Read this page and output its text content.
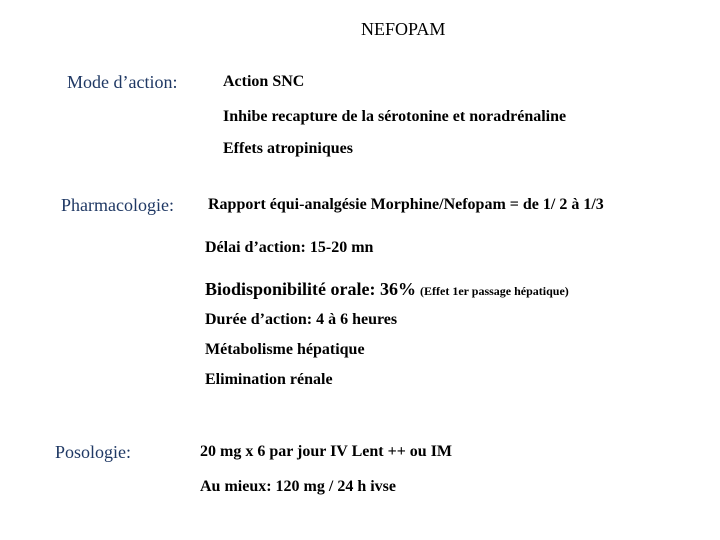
NEFOPAM
Mode d’action:	Action SNC
Inhibe recapture de la sérotonine et noradrénaline
Effets atropiniques
Pharmacologie: Rapport équi-analgésie Morphine/Nefopam = de 1/ 2 à 1/3
Délai d’action: 15-20 mn
Biodisponibilité orale: 36% (Effet 1er passage hépatique)
Durée d’action: 4 à 6 heures
Métabolisme hépatique
Elimination rénale
Posologie:	20 mg x 6 par jour IV Lent ++ ou IM
Au mieux: 120 mg / 24 h ivse
